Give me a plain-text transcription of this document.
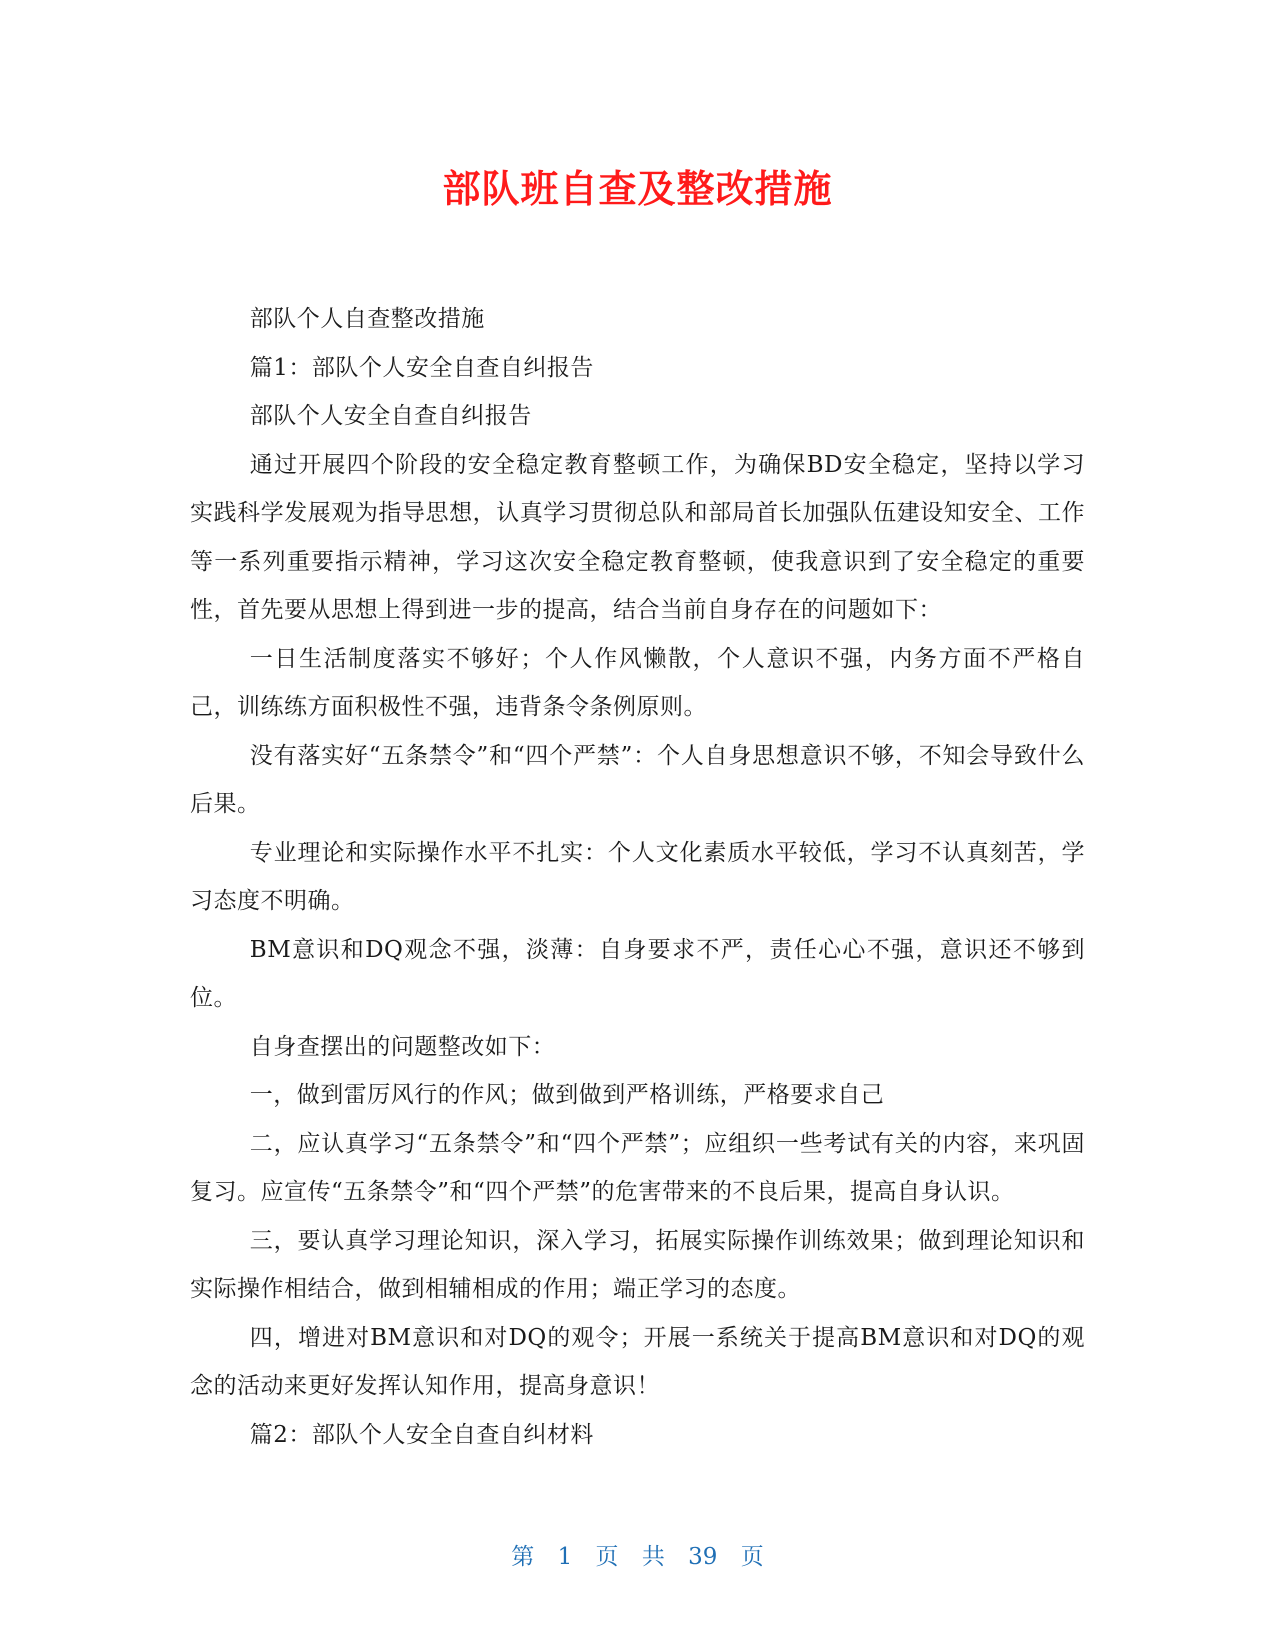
部队班自查及整改措施

部队个人自查整改措施

篇1：部队个人安全自查自纠报告

部队个人安全自查自纠报告

通过开展四个阶段的安全稳定教育整顿工作，为确保BD安全稳定，坚持以学习实践科学发展观为指导思想，认真学习贯彻总队和部局首长加强队伍建设知安全、工作等一系列重要指示精神，学习这次安全稳定教育整顿，使我意识到了安全稳定的重要性，首先要从思想上得到进一步的提高，结合当前自身存在的问题如下：

一日生活制度落实不够好；个人作风懒散，个人意识不强，内务方面不严格自己，训练练方面积极性不强，违背条令条例原则。

没有落实好“五条禁令”和“四个严禁”：个人自身思想意识不够，不知会导致什么后果。

专业理论和实际操作水平不扎实：个人文化素质水平较低，学习不认真刻苦，学习态度不明确。

BM意识和DQ观念不强，淡薄：自身要求不严，责任心心不强，意识还不够到位。

自身查摆出的问题整改如下：

一，做到雷厉风行的作风；做到做到严格训练，严格要求自己

二，应认真学习“五条禁令”和“四个严禁”；应组织一些考试有关的内容，来巩固复习。应宣传“五条禁令”和“四个严禁”的危害带来的不良后果，提高自身认识。

三，要认真学习理论知识，深入学习，拓展实际操作训练效果；做到理论知识和实际操作相结合，做到相辅相成的作用；端正学习的态度。

四，增进对BM意识和对DQ的观令；开展一系统关于提高BM意识和对DQ的观念的活动来更好发挥认知作用，提高身意识！

篇2：部队个人安全自查自纠材料

第 1 页 共 39 页
